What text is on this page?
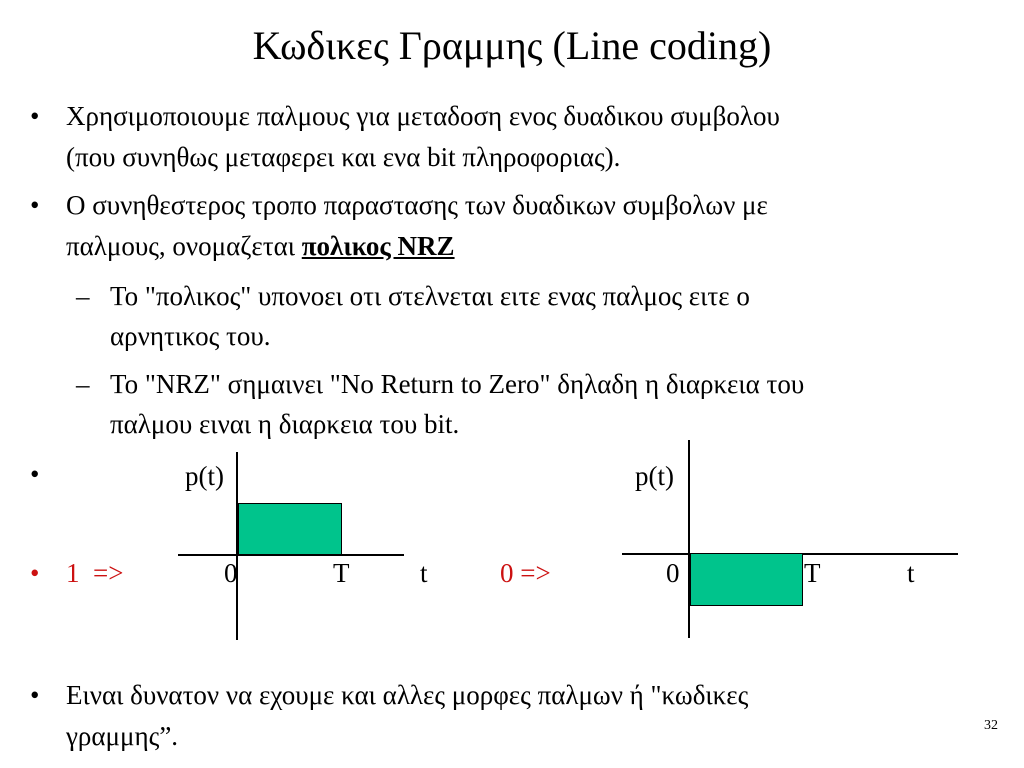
Κωδικες Γραμμης (Line coding)
• Χρησιμοποιουμε παλμους για μεταδοση ενος δυαδικου συμβολου
(που συνηθως μεταφερει και ενα bit πληροφοριας).
• Ο συνηθεστερος τροπο παραστασης των δυαδικων συμβολων με
παλμους, ονομαζεται πολικος NRZ
– Το "πολικος" υπονοει οτι στελνεται ειτε ενας παλμος ειτε ο
αρνητικος του.
– Το "NRZ" σημαινει "No Return to Zero" δηλαδη η διαρκεια του
παλμου ειναι η διαρκεια του bit.
•	p(t)
0	T	t
• 1  =>	0 =>
p(t)
0	T	t
• Ειναι δυνατον να εχουμε και αλλες μορφες παλμων ή "κωδικες
γραμμης”.	32
